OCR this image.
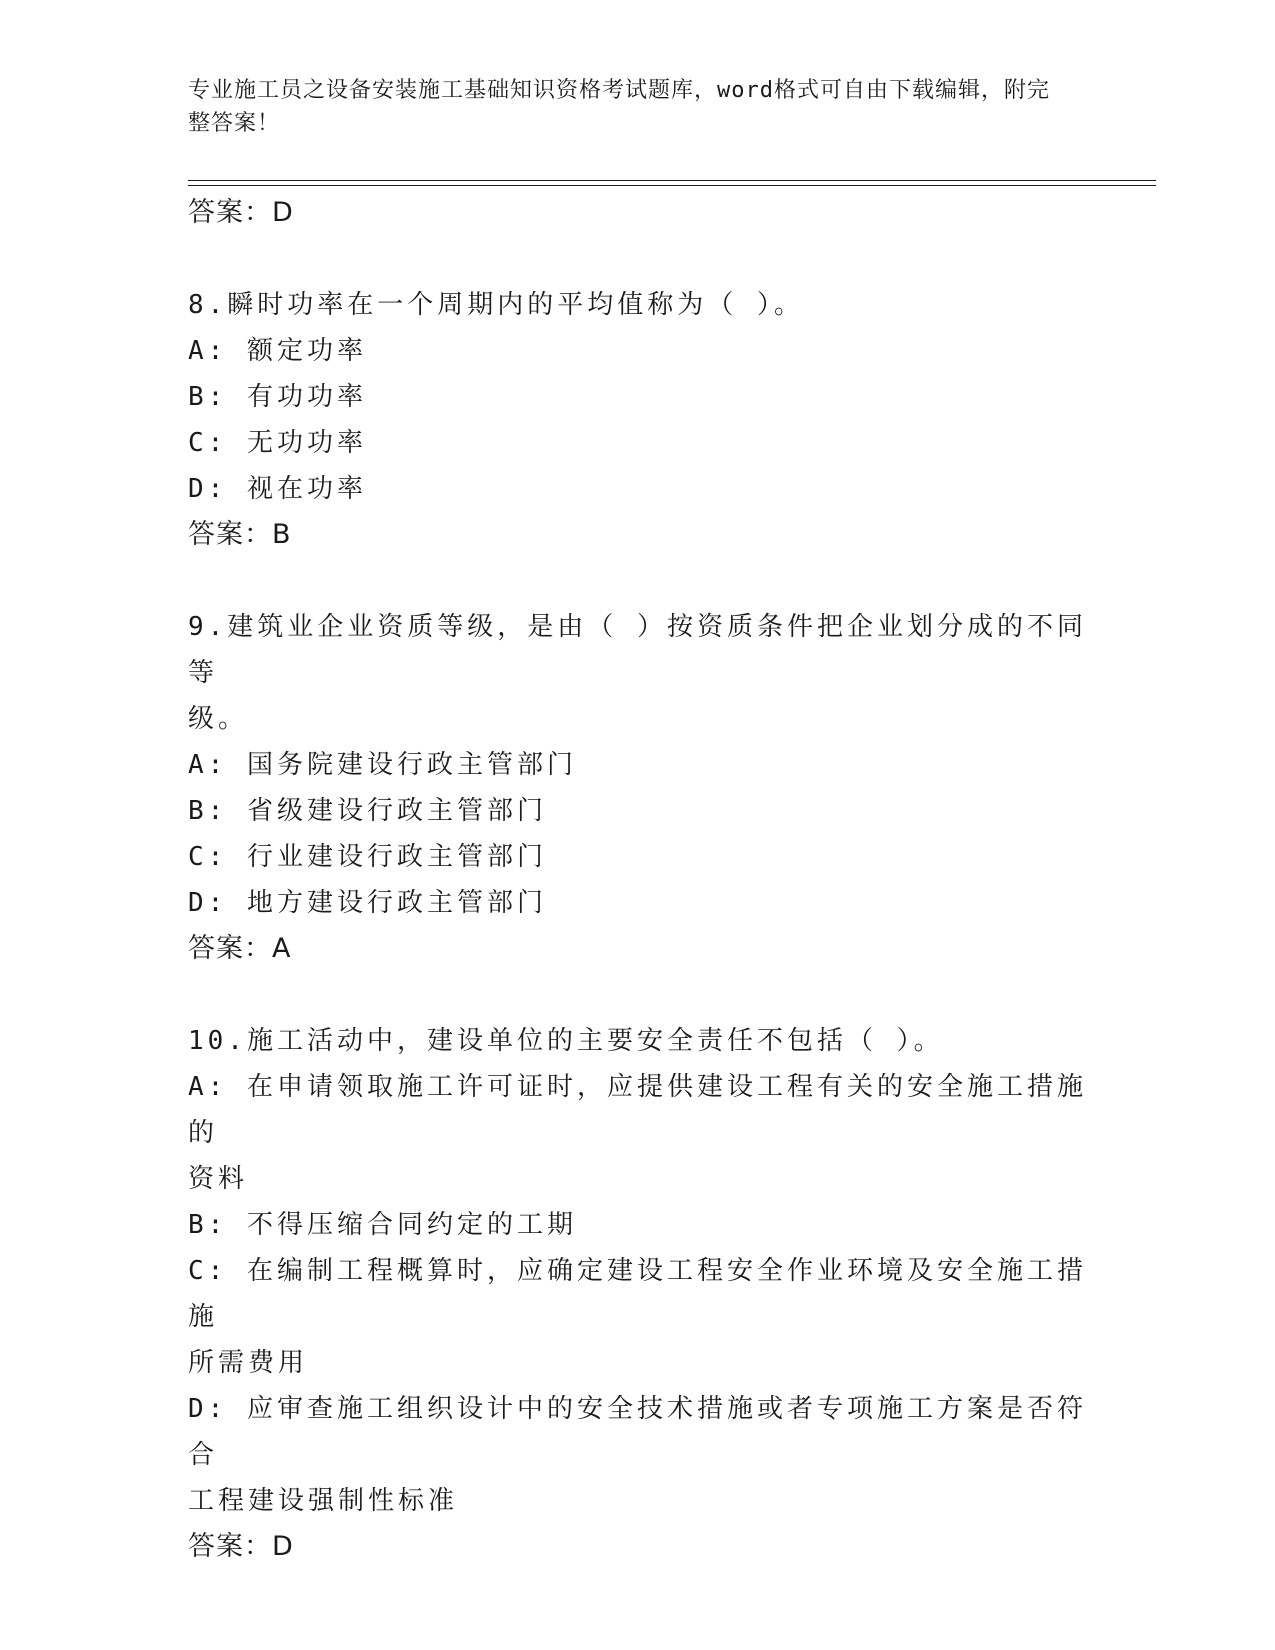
专业施工员之设备安装施工基础知识资格考试题库，word格式可自由下载编辑，附完整答案！

答案：D

8.瞬时功率在一个周期内的平均值称为（ ）。

A: 额定功率

B: 有功功率

C: 无功功率

D: 视在功率

答案：B

9.建筑业企业资质等级，是由（ ）按资质条件把企业划分成的不同等

级。

A: 国务院建设行政主管部门

B: 省级建设行政主管部门

C: 行业建设行政主管部门

D: 地方建设行政主管部门

答案：A

10.施工活动中，建设单位的主要安全责任不包括（ ）。

A: 在申请领取施工许可证时，应提供建设工程有关的安全施工措施的

资料

B: 不得压缩合同约定的工期

C: 在编制工程概算时，应确定建设工程安全作业环境及安全施工措施

所需费用

D: 应审查施工组织设计中的安全技术措施或者专项施工方案是否符合

工程建设强制性标准

答案：D
